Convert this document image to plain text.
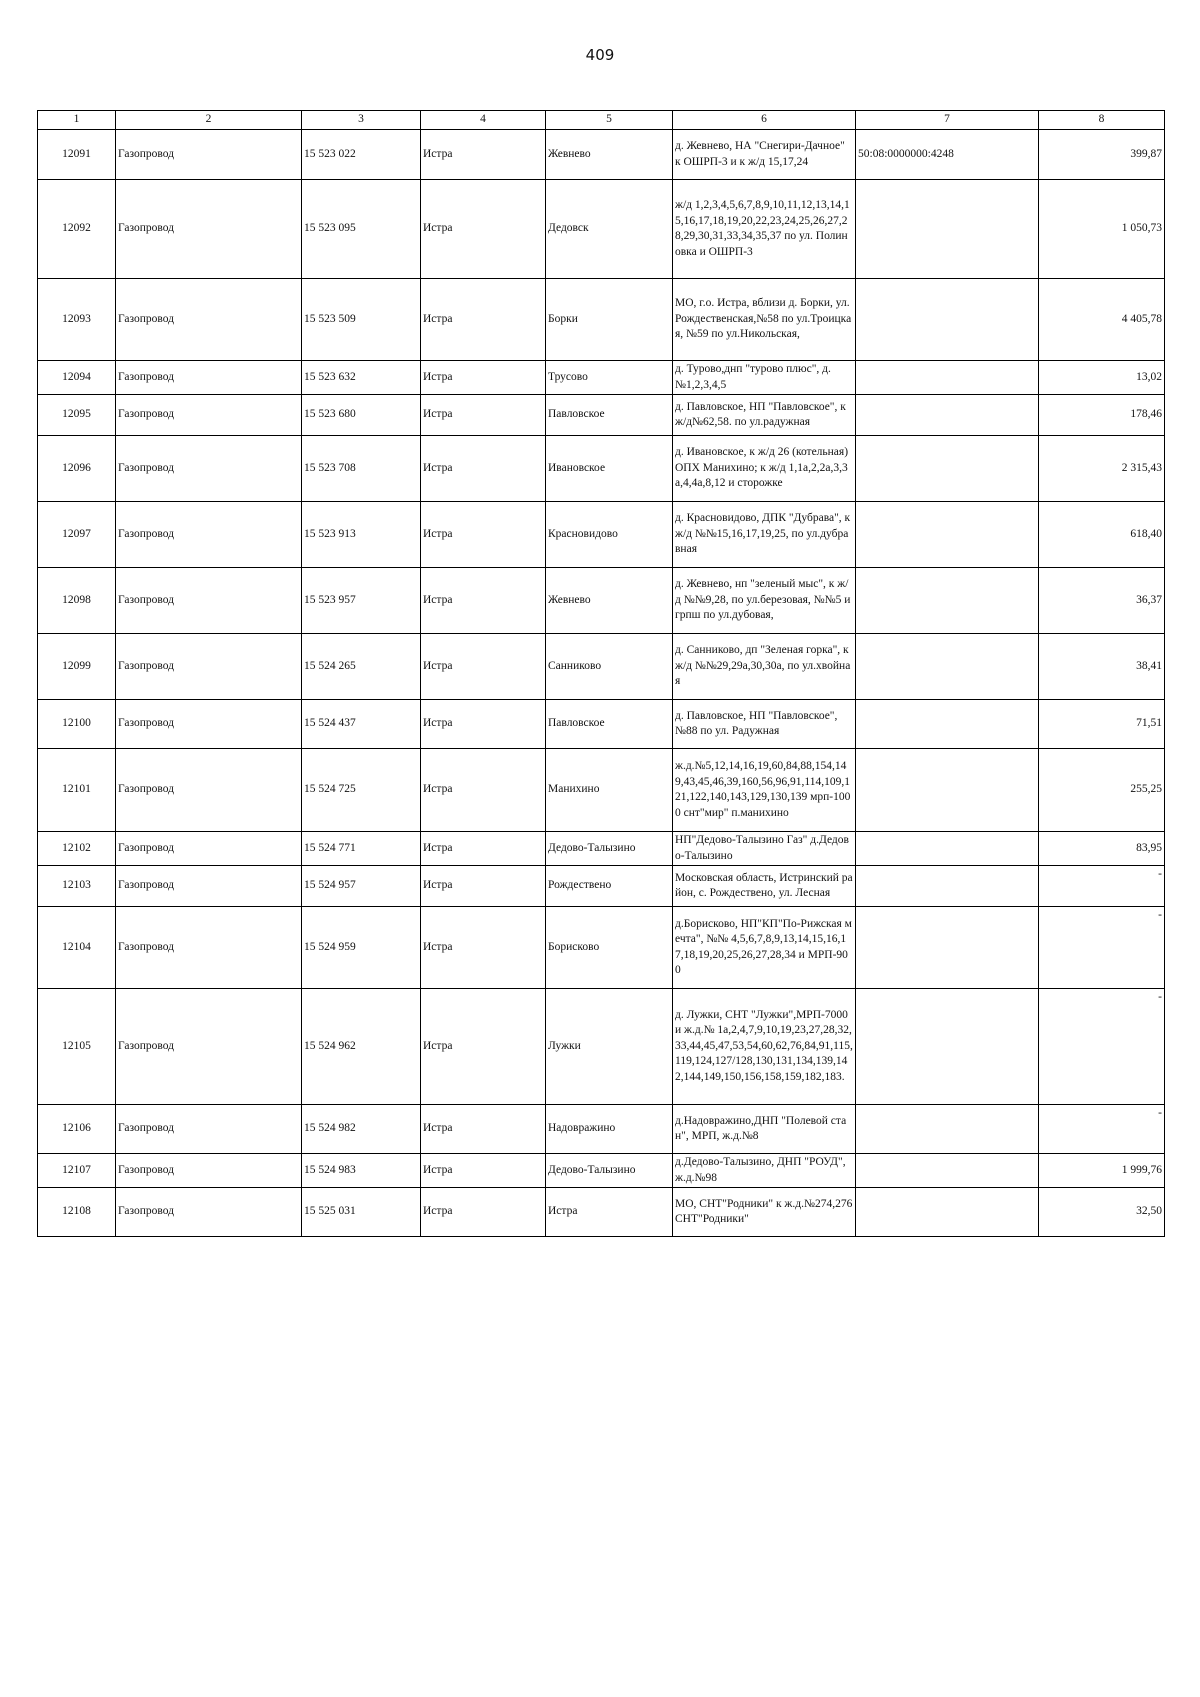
409
1	2	3	4	5	6	7	8
12091	Газопровод	15 523 022	Истра	Жевнево	д. Жевнево, НА "Снегири-Дачное" к ОШРП-3 и к ж/д 15,17,24	50:08:0000000:4248	399,87
12092	Газопровод	15 523 095	Истра	Дедовск	ж/д 1,2,3,4,5,6,7,8,9,10,11,12,13,14,15,16,17,18,19,20,22,23,24,25,26,27,28,29,30,31,33,34,35,37 по ул. Полиновка и ОШРП-3		1 050,73
12093	Газопровод	15 523 509	Истра	Борки	МО, г.о. Истра, вблизи д. Борки, ул.Рождественская,№58 по ул.Троицкая, №59 по ул.Никольская,		4 405,78
12094	Газопровод	15 523 632	Истра	Трусово	д. Турово,днп "турово плюс", д. №1,2,3,4,5		13,02
12095	Газопровод	15 523 680	Истра	Павловское	д. Павловское, НП "Павловское", к ж/д№62,58. по ул.радужная		178,46
12096	Газопровод	15 523 708	Истра	Ивановское	д. Ивановское, к ж/д 26 (котельная) ОПХ Манихино; к ж/д 1,1а,2,2а,3,3а,4,4а,8,12 и сторожке		2 315,43
12097	Газопровод	15 523 913	Истра	Красновидово	д. Красновидово, ДПК "Дубрава", к ж/д №№15,16,17,19,25, по ул.дубравная		618,40
12098	Газопровод	15 523 957	Истра	Жевнево	д. Жевнево, нп "зеленый мыс", к ж/д №№9,28, по ул.березовая, №№5 и грпш по ул.дубовая,		36,37
12099	Газопровод	15 524 265	Истра	Санниково	д. Санниково, дп "Зеленая горка", к ж/д №№29,29а,30,30а, по ул.хвойная		38,41
12100	Газопровод	15 524 437	Истра	Павловское	д. Павловское, НП "Павловское", №88 по ул. Радужная		71,51
12101	Газопровод	15 524 725	Истра	Манихино	ж.д.№5,12,14,16,19,60,84,88,154,149,43,45,46,39,160,56,96,91,114,109,121,122,140,143,129,130,139 мрп-1000 снт"мир" п.манихино		255,25
12102	Газопровод	15 524 771	Истра	Дедово-Талызино	НП"Дедово-Талызино Газ" д.Дедово-Талызино		83,95
12103	Газопровод	15 524 957	Истра	Рождествено	Московская область, Истринский район, с. Рождествено, ул. Лесная		-
12104	Газопровод	15 524 959	Истра	Борисково	д.Борисково, НП"КП"По-Рижская мечта", №№ 4,5,6,7,8,9,13,14,15,16,17,18,19,20,25,26,27,28,34 и МРП-900		-
12105	Газопровод	15 524 962	Истра	Лужки	д. Лужки, СНТ "Лужки",МРП-7000 и ж.д.№ 1а,2,4,7,9,10,19,23,27,28,32,33,44,45,47,53,54,60,62,76,84,91,115,119,124,127/128,130,131,134,139,142,144,149,150,156,158,159,182,183.		-
12106	Газопровод	15 524 982	Истра	Надовражино	д.Надовражино,ДНП "Полевой стан", МРП, ж.д.№8		-
12107	Газопровод	15 524 983	Истра	Дедово-Талызино	д.Дедово-Талызино, ДНП "РОУД", ж.д.№98		1 999,76
12108	Газопровод	15 525 031	Истра	Истра	МО, СНТ"Родники" к ж.д.№274,276 СНТ"Родники"		32,50
